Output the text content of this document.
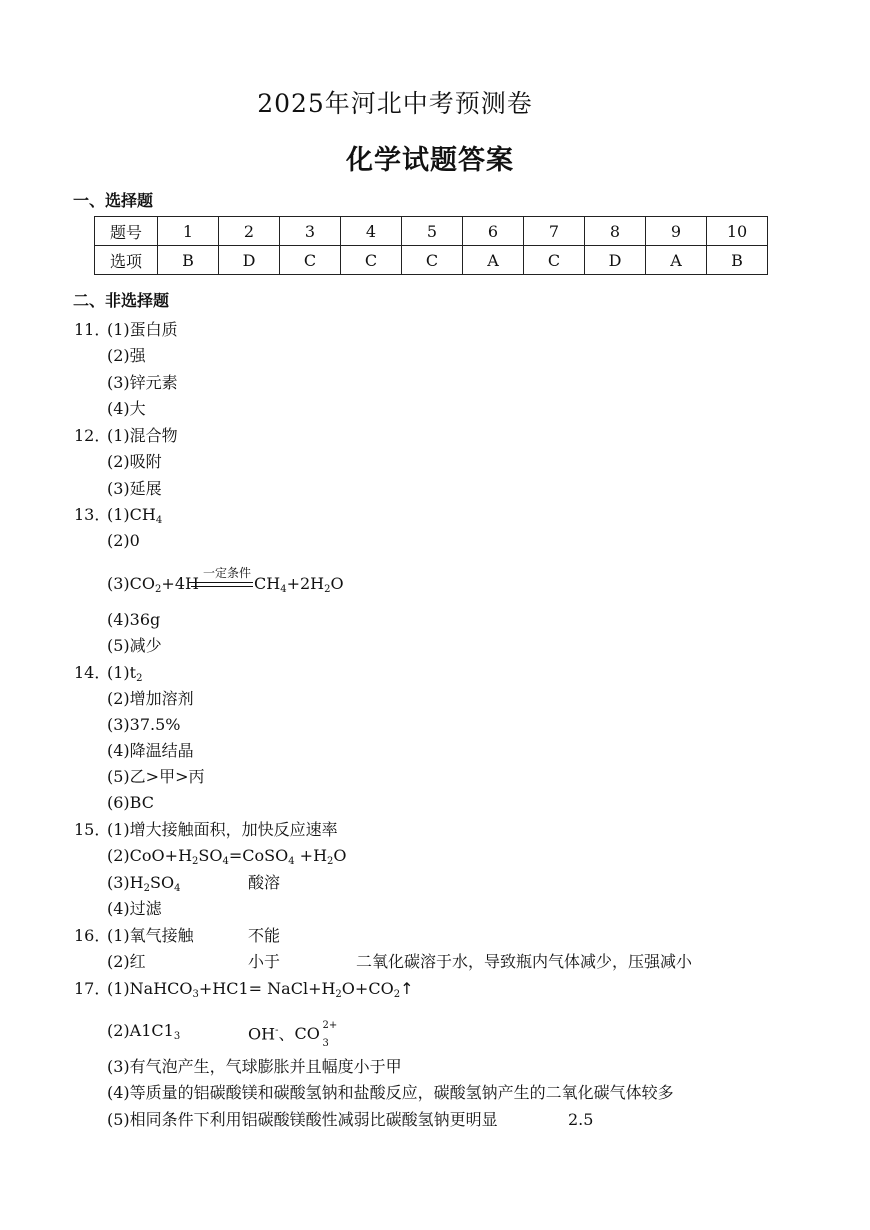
2025年河北中考预测卷
化学试题答案
一、选择题
题号	1	2	3	4	5	6	7	8	9	10
选项	B	D	C	C	C	A	C	D	A	B
二、非选择题
11．
(1)蛋白质
(2)强
(3)锌元素
(4)大
12．
(1)混合物
(2)吸附
(3)延展
13．
$(1)CH_4$
(2)0
$(3)CO_2+4H$
一定条件
$CH_4+2H_2O$
(4)36g
(5)减少
14．
$(1)t_2$
(2)增加溶剂
(3)37.5%
(4)降温结晶
(5)乙>甲>丙
(6)BC
15．
(1)增大接触面积，加快反应速率
$(2)CoO+H_2SO_4=CoSO_4 +H_2O$
$(3)H_2SO_4$	酸溶
(4)过滤
16．
(1)氧气接触	不能
(2)红	小于	二氧化碳溶于水，导致瓶内气体减少，压强减小
17．
(1)NaHCO$_3$+HC1= $NaCl+H_2O+CO_2↑$
$(2)A1C1_3$	OH-、CO 2+
3
(3)有气泡产生，气球膨胀并且幅度小于甲
(4)等质量的铝碳酸镁和碳酸氢钠和盐酸反应，碳酸氢钠产生的二氧化碳气体较多
(5)相同条件下利用铝碳酸镁酸性减弱比碳酸氢钠更明显	2.5
